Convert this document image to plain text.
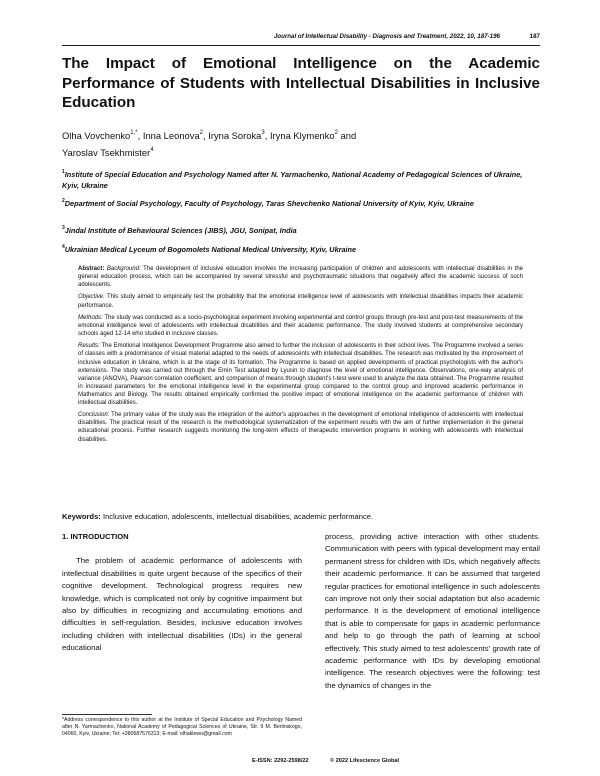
Journal of Intellectual Disability - Diagnosis and Treatment, 2022, 10, 187-196	187
The Impact of Emotional Intelligence on the Academic Performance of Students with Intellectual Disabilities in Inclusive Education
Olha Vovchenko$^{1,*}$, Inna Leonova$^2$, Iryna Soroka$^3$, Iryna Klymenko$^2$ and
Yaroslav Tsekhmister$^4$
$^1$Institute of Special Education and Psychology Named after N. Yarmachenko, National Academy of Pedagogical Sciences of Ukraine, Kyiv, Ukraine
$^2$Department of Social Psychology, Faculty of Psychology, Taras Shevchenko National University of Kyiv, Kyiv, Ukraine
$^3$Jindal Institute of Behavioural Sciences (JIBS), JGU, Sonipat, India
$^4$Ukrainian Medical Lyceum of Bogomolets National Medical University, Kyiv, Ukraine

Abstract: Background: The development of inclusive education involves the increasing participation of children and adolescents with intellectual disabilities in the general education process, which can be accompanied by several stressful and psychotraumatic situations that negatively affect the academic success of such adolescents.

Objective: This study aimed to empirically test the probability that the emotional intelligence level of adolescents with intellectual disabilities impacts their academic performance.

Methods: The study was conducted as a socio-psychological experiment involving experimental and control groups through pre-test and post-test measurements of the emotional intelligence level of adolescents with intellectual disabilities and their academic performance. The study involved students at comprehensive secondary schools aged 12-14 who studied in inclusive classes.

Results: The Emotional Intelligence Development Programme also aimed to further the inclusion of adolescents in their school lives. The Programme involved a series of classes with a predominance of visual material adapted to the needs of adolescents with intellectual disabilities. The research was motivated by the improvement of inclusive education in Ukraine, which is at the stage of its formation. The Programme is based on applied developments of practical psychologists with the author's extensions. The study was carried out through the Emin Test adapted by Lyusin to diagnose the level of emotional intelligence. Observations, one-way analysis of variance (ANOVA), Pearson correlation coefficient, and comparison of means through student's t-test were used to analyze the data obtained. The Programme resulted in increased parameters for the emotional intelligence level in the experimental group compared to the control group and improved academic performance in Mathematics and Biology. The results obtained empirically confirmed the positive impact of emotional intelligence on the academic performance of children with intellectual disabilities.

Conclusion: The primary value of the study was the integration of the author's approaches in the development of emotional intelligence of adolescents with intellectual disabilities. The practical result of the research is the methodological systematization of the experiment results with the aim of further implementation in the general educational process. Further research suggests monitoring the long-term effects of therapeutic intervention programs in working with adolescents with intellectual disabilities.

Keywords: Inclusive education, adolescents, intellectual disabilities, academic performance.
1. INTRODUCTION

The problem of academic performance of adolescents with intellectual disabilities is quite urgent because of the specifics of their cognitive development. Technological progress requires new knowledge, which is complicated not only by cognitive impairment but also by difficulties in recognizing and accumulating emotions and difficulties in self-regulation. Besides, inclusive education involves including children with intellectual disabilities (IDs) in the general educational

process, providing active interaction with other students. Communication with peers with typical development may entail permanent stress for children with IDs, which negatively affects their academic performance. It can be assumed that targeted regular practices for emotional intelligence in such adolescents can improve not only their social adaptation but also academic performance. It is the development of emotional intelligence that is able to compensate for gaps in academic performance and help to go through the path of learning at school effectively. This study aimed to test adolescents' growth rate of academic performance with IDs by developing emotional intelligence. The research objectives were the following: test the dynamics of changes in the

*Address correspondence to this author at the Institute of Special Education and Psychology Named after N. Yarmachenko, National Academy of Pedagogical Sciences of Ukraine, Str. 9 M. Berlinskogo, 04060, Kyiv, Ukraine; Tel: +380687576313; E-mail: olhaklewo@gmail.com
E-ISSN: 2292-2598/22	© 2022 Lifescience Global
